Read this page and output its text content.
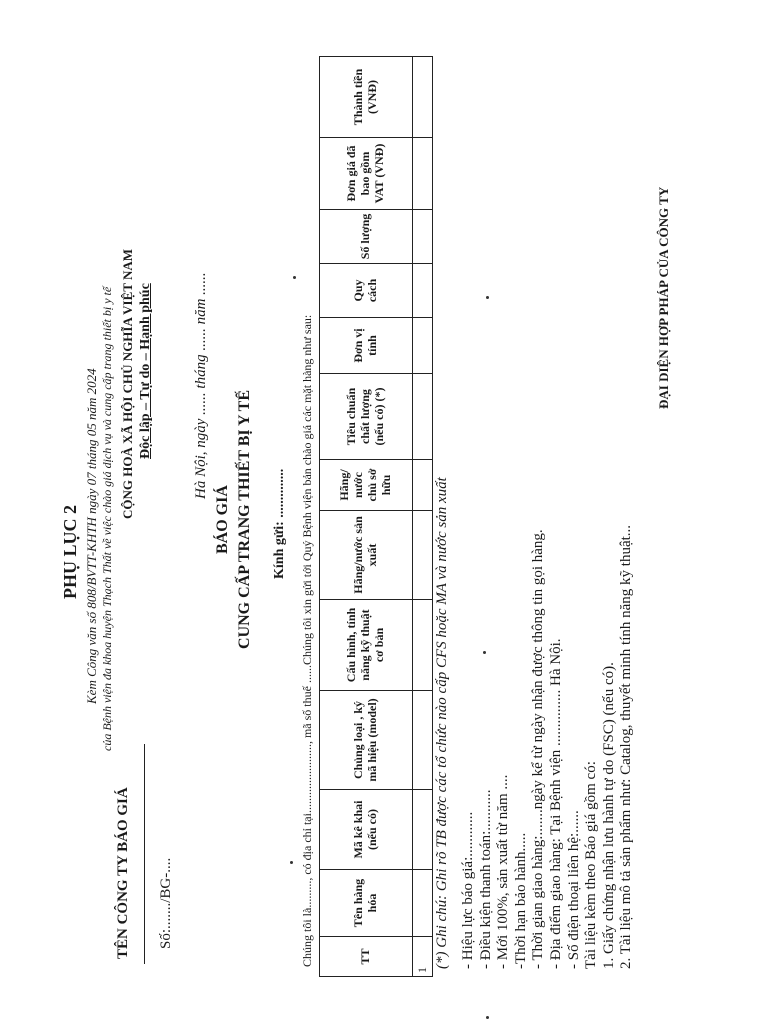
PHỤ LỤC 2 Kèm Công văn số 808/BVTT-KHTH ngày 07 tháng 05 năm 2024 của Bệnh viện đa khoa huyện Thạch Thất về việc chào giá dịch vụ và cung cấp trang thiết bị y tế
TÊN CÔNG TY BÁO GIÁ Số:......./BG-....
CỘNG HOÀ XÃ HỘI CHỦ NGHĨA VIỆT NAM Độc lập – Tự do – Hạnh phúc	Hà Nội, ngày ...... tháng ...... năm ......
BÁO GIÁ CUNG CẤP TRANG THIẾT BỊ Y TẾ Kính gửi: .............. Chúng tôi là........., có địa chỉ tại......................., mã số thuế ......Chúng tôi xin gửi tới Quý Bệnh viện bản chào giá các mặt hàng như sau:	TT	Tên hàng hóa	Mã kê khai (nếu có)	Chủng loại , ký mã hiệu (model)	Cấu hình, tính năng kỹ thuật cơ bản	Hãng/nước sản xuất	Hãng/ nước chủ sở hữu	Tiêu chuẩn chất lượng (nếu có) (*)	Đơn vị tính	Quy cách	Số lượng	Đơn giá đã bao gồm VAT (VNĐ)	Thành tiền (VNĐ)
1												
(*) Ghi chú: Ghi rõ TB được các tổ chức nào cấp CFS hoặc MA và nước sản xuất - Hiệu lực báo giá:............ - Điều kiện thanh toán:........... - Mới 100%, sản xuất từ năm .... -Thời hạn bảo hành..... - Thời gian giao hàng:.......ngày kể từ ngày nhận được thông tin gọi hàng. - Địa điểm giao hàng: Tại Bệnh viện ............... Hà Nội. - Số điện thoại liên hệ:...... Tài liệu kèm theo Báo giá gồm có: 1. Giấy chứng nhận lưu hành tự do (FSC) (nếu có). 2. Tài liệu mô tả sản phẩm như: Catalog, thuyết minh tính năng kỹ thuật...
ĐẠI DIỆN HỢP PHÁP CỦA CÔNG TY
